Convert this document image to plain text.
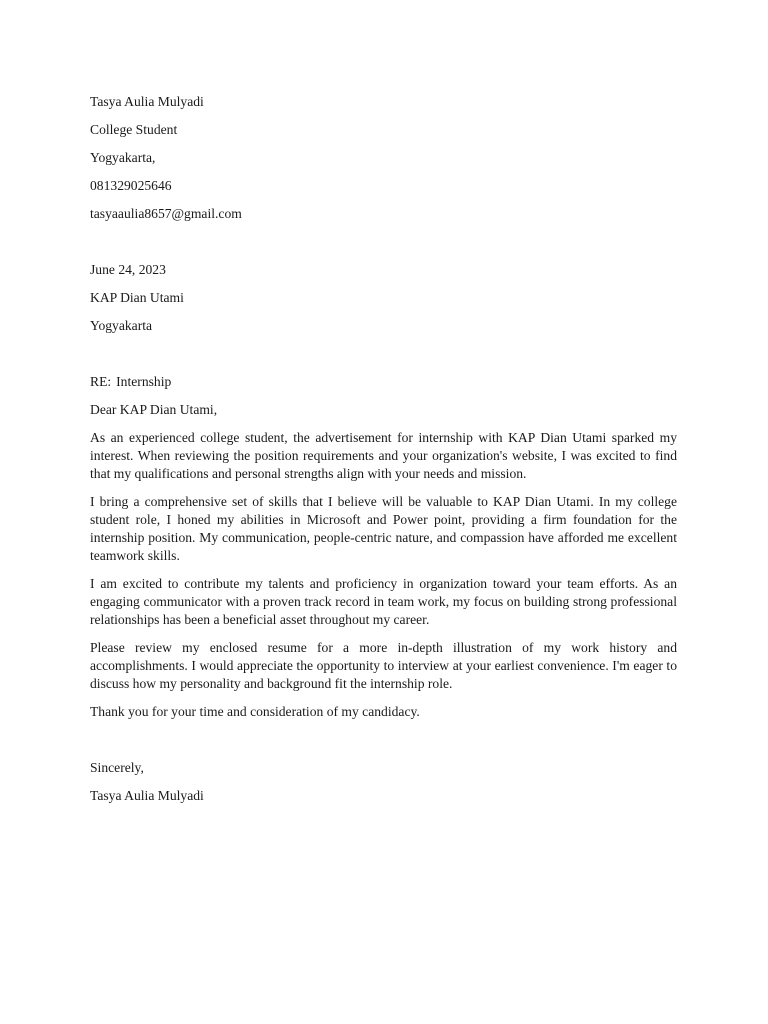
Tasya Aulia Mulyadi

College Student

Yogyakarta,

081329025646

tasyaaulia8657@gmail.com

June 24, 2023

KAP Dian Utami

Yogyakarta

RE: Internship

Dear KAP Dian Utami,

As an experienced college student, the advertisement for internship with KAP Dian Utami sparked my interest. When reviewing the position requirements and your organization's website, I was excited to find that my qualifications and personal strengths align with your needs and mission.

I bring a comprehensive set of skills that I believe will be valuable to KAP Dian Utami. In my college student role, I honed my abilities in Microsoft and Power point, providing a firm foundation for the internship position. My communication, people-centric nature, and compassion have afforded me excellent teamwork skills.

I am excited to contribute my talents and proficiency in organization toward your team efforts. As an engaging communicator with a proven track record in team work, my focus on building strong professional relationships has been a beneficial asset throughout my career.

Please review my enclosed resume for a more in-depth illustration of my work history and accomplishments. I would appreciate the opportunity to interview at your earliest convenience. I'm eager to discuss how my personality and background fit the internship role.

Thank you for your time and consideration of my candidacy.

Sincerely,

Tasya Aulia Mulyadi
